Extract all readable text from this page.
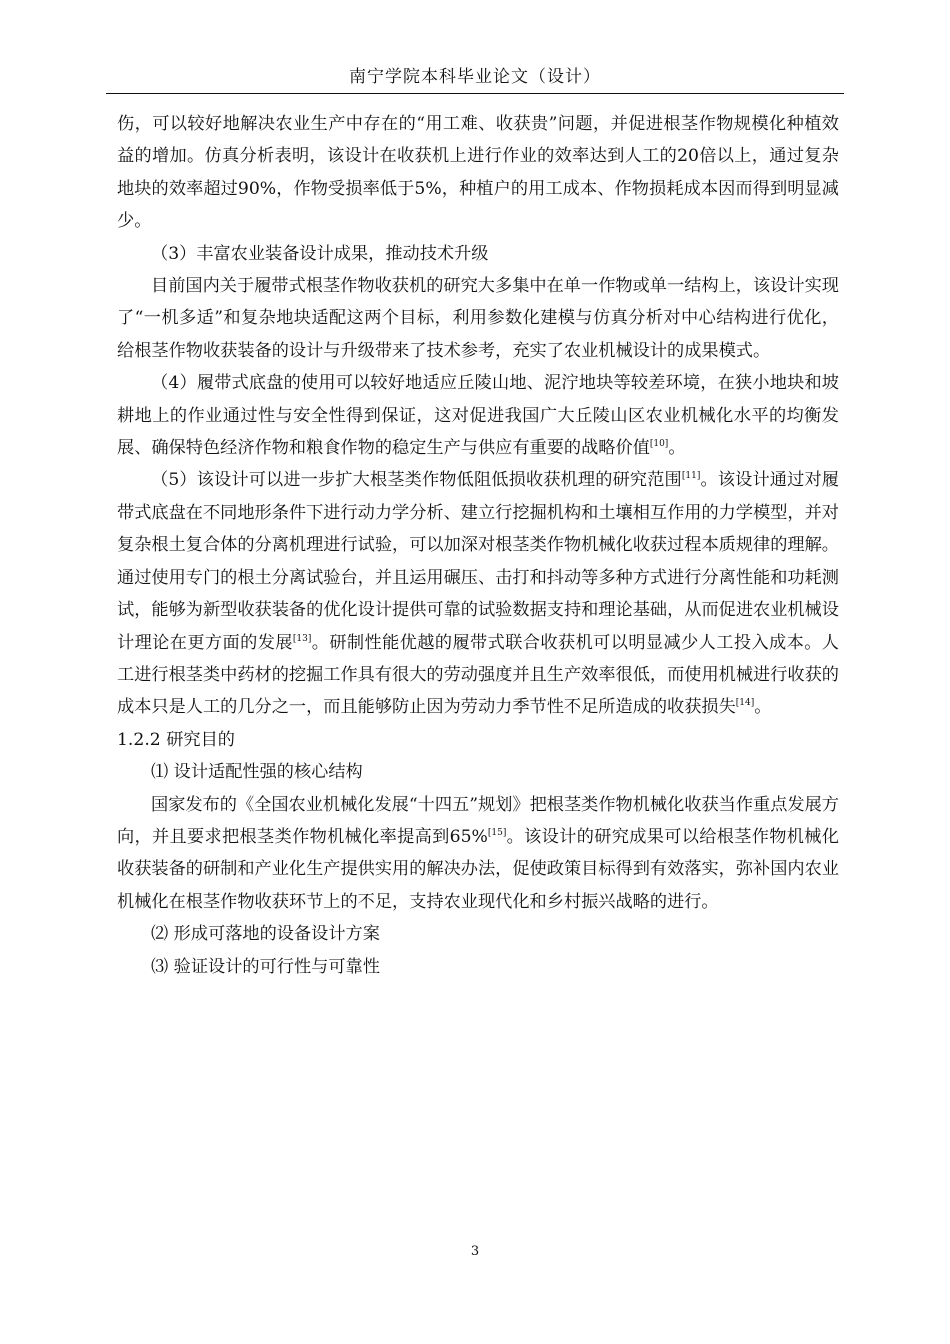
南宁学院本科毕业论文（设计）

伤，可以较好地解决农业生产中存在的“用工难、收获贵”问题，并促进根茎作物规模化种植效益的增加。仿真分析表明，该设计在收获机上进行作业的效率达到人工的20倍以上，通过复杂地块的效率超过90%，作物受损率低于5%，种植户的用工成本、作物损耗成本因而得到明显减少。

（3）丰富农业装备设计成果，推动技术升级

目前国内关于履带式根茎作物收获机的研究大多集中在单一作物或单一结构上，该设计实现了“一机多适”和复杂地块适配这两个目标，利用参数化建模与仿真分析对中心结构进行优化，给根茎作物收获装备的设计与升级带来了技术参考，充实了农业机械设计的成果模式。

（4）履带式底盘的使用可以较好地适应丘陵山地、泥泞地块等较差环境，在狭小地块和坡耕地上的作业通过性与安全性得到保证，这对促进我国广大丘陵山区农业机械化水平的均衡发展、确保特色经济作物和粮食作物的稳定生产与供应有重要的战略价值[10]。

（5）该设计可以进一步扩大根茎类作物低阻低损收获机理的研究范围[11]。该设计通过对履带式底盘在不同地形条件下进行动力学分析、建立行挖掘机构和土壤相互作用的力学模型，并对复杂根土复合体的分离机理进行试验，可以加深对根茎类作物机械化收获过程本质规律的理解。通过使用专门的根土分离试验台，并且运用碾压、击打和抖动等多种方式进行分离性能和功耗测试，能够为新型收获装备的优化设计提供可靠的试验数据支持和理论基础，从而促进农业机械设计理论在更方面的发展[13]。研制性能优越的履带式联合收获机可以明显减少人工投入成本。人工进行根茎类中药材的挖掘工作具有很大的劳动强度并且生产效率很低，而使用机械进行收获的成本只是人工的几分之一，而且能够防止因为劳动力季节性不足所造成的收获损失[14]。

1.2.2 研究目的

⑴ 设计适配性强的核心结构

国家发布的《全国农业机械化发展“十四五”规划》把根茎类作物机械化收获当作重点发展方向，并且要求把根茎类作物机械化率提高到65%[15]。该设计的研究成果可以给根茎作物机械化收获装备的研制和产业化生产提供实用的解决办法，促使政策目标得到有效落实，弥补国内农业机械化在根茎作物收获环节上的不足，支持农业现代化和乡村振兴战略的进行。

⑵ 形成可落地的设备设计方案

⑶ 验证设计的可行性与可靠性

3
